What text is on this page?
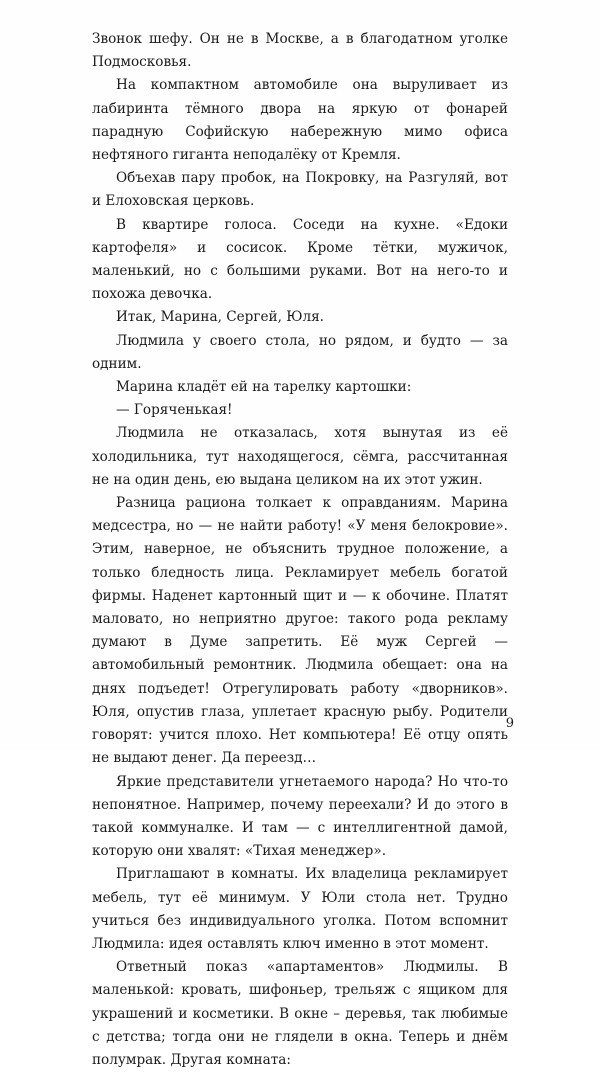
Звонок шефу. Он не в Москве, а в благодатном уголке Подмосковья.

На компактном автомобиле она выруливает из лабиринта тёмного двора на яркую от фонарей парадную Софийскую набережную мимо офиса нефтяного гиганта неподалёку от Кремля.

Объехав пару пробок, на Покровку, на Разгуляй, вот и Елоховская церковь.

В квартире голоса. Соседи на кухне. «Едоки картофеля» и сосисок. Кроме тётки, мужичок, маленький, но с большими руками. Вот на него-то и похожа девочка.

Итак, Марина, Сергей, Юля.

Людмила у своего стола, но рядом, и будто — за одним.

Марина кладёт ей на тарелку картошки:

— Горяченькая!

Людмила не отказалась, хотя вынутая из её холодильника, тут находящегося, сёмга, рассчитанная не на один день, ею выдана целиком на их этот ужин.

Разница рациона толкает к оправданиям. Марина медсестра, но — не найти работу! «У меня белокровие». Этим, наверное, не объяснить трудное положение, а только бледность лица. Рекламирует мебель богатой фирмы. Наденет картонный щит и — к обочине. Платят маловато, но неприятно другое: такого рода рекламу думают в Думе запретить. Её муж Сергей — автомобильный ремонтник. Людмила обещает: она на днях подъедет! Отрегулировать работу «дворников». Юля, опустив глаза, уплетает красную рыбу. Родители говорят: учится плохо. Нет компьютера! Её отцу опять не выдают денег. Да переезд…

Яркие представители угнетаемого народа? Но что-то непонятное. Например, почему переехали? И до этого в такой коммуналке. И там — с интеллигентной дамой, которую они хвалят: «Тихая менеджер».

Приглашают в комнаты. Их владелица рекламирует мебель, тут её минимум. У Юли стола нет. Трудно учиться без индивидуального уголка. Потом вспомнит Людмила: идея оставлять ключ именно в этот момент.

Ответный показ «апартаментов» Людмилы. В маленькой: кровать, шифоньер, трельяж с ящиком для украшений и косметики. В окне – деревья, так любимые с детства; тогда они не глядели в окна. Теперь и днём полумрак. Другая комната:

9
